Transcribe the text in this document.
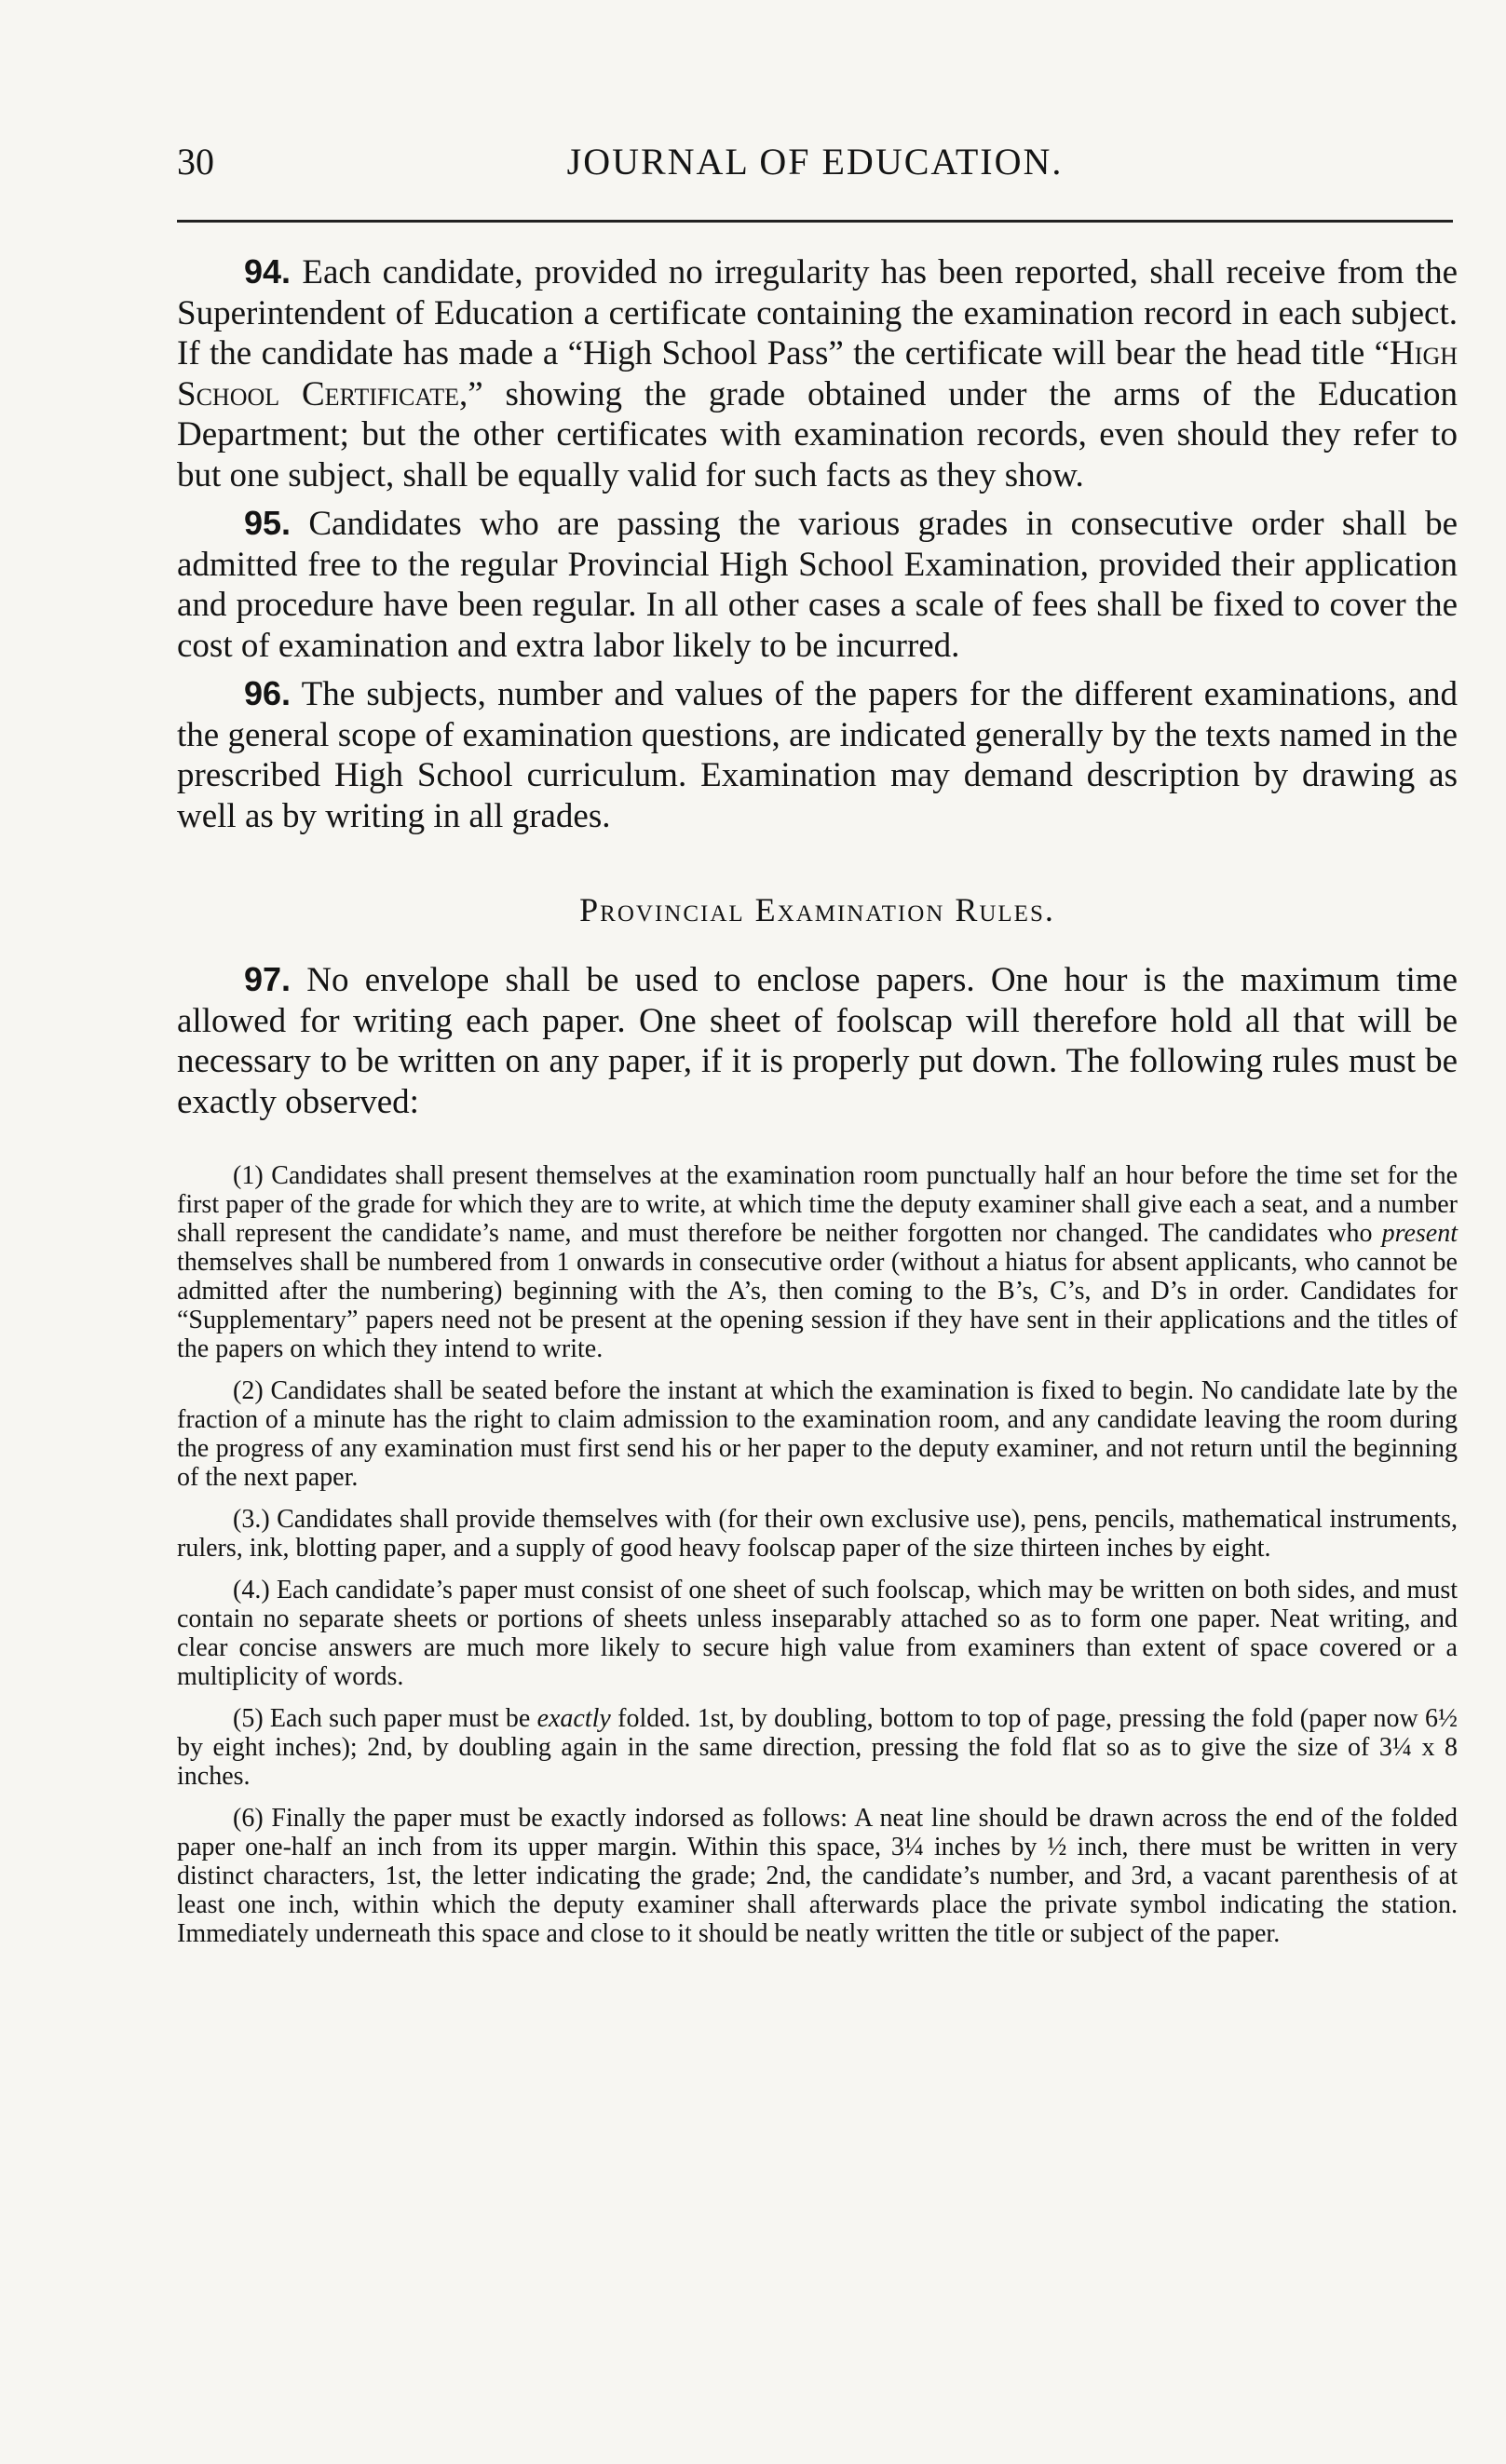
30	JOURNAL OF EDUCATION.

94. Each candidate, provided no irregularity has been reported, shall receive from the Superintendent of Education a certificate containing the examination record in each subject. If the candidate has made a “High School Pass” the certificate will bear the head title “High School Certificate,” showing the grade obtained under the arms of the Education Department; but the other certificates with examination records, even should they refer to but one subject, shall be equally valid for such facts as they show.

95. Candidates who are passing the various grades in consecutive order shall be admitted free to the regular Provincial High School Examination, provided their application and procedure have been regular. In all other cases a scale of fees shall be fixed to cover the cost of examination and extra labor likely to be incurred.

96. The subjects, number and values of the papers for the different examinations, and the general scope of examination questions, are indicated generally by the texts named in the prescribed High School curriculum. Examination may demand description by drawing as well as by writing in all grades.

Provincial Examination Rules.

97. No envelope shall be used to enclose papers. One hour is the maximum time allowed for writing each paper. One sheet of foolscap will therefore hold all that will be necessary to be written on any paper, if it is properly put down. The following rules must be exactly observed:

(1) Candidates shall present themselves at the examination room punctually half an hour before the time set for the first paper of the grade for which they are to write, at which time the deputy examiner shall give each a seat, and a number shall represent the candidate’s name, and must therefore be neither forgotten nor changed. The candidates who present themselves shall be numbered from 1 onwards in consecutive order (without a hiatus for absent applicants, who cannot be admitted after the numbering) beginning with the A’s, then coming to the B’s, C’s, and D’s in order. Candidates for “Supplementary” papers need not be present at the opening session if they have sent in their applications and the titles of the papers on which they intend to write.

(2) Candidates shall be seated before the instant at which the examination is fixed to begin. No candidate late by the fraction of a minute has the right to claim admission to the examination room, and any candidate leaving the room during the progress of any examination must first send his or her paper to the deputy examiner, and not return until the beginning of the next paper.

(3.) Candidates shall provide themselves with (for their own exclusive use), pens, pencils, mathematical instruments, rulers, ink, blotting paper, and a supply of good heavy foolscap paper of the size thirteen inches by eight.

(4.) Each candidate’s paper must consist of one sheet of such foolscap, which may be written on both sides, and must contain no separate sheets or portions of sheets unless inseparably attached so as to form one paper. Neat writing, and clear concise answers are much more likely to secure high value from examiners than extent of space covered or a multiplicity of words.

(5) Each such paper must be exactly folded. 1st, by doubling, bottom to top of page, pressing the fold (paper now 6½ by eight inches); 2nd, by doubling again in the same direction, pressing the fold flat so as to give the size of 3¼ x 8 inches.

(6) Finally the paper must be exactly indorsed as follows: A neat line should be drawn across the end of the folded paper one-half an inch from its upper margin. Within this space, 3¼ inches by ½ inch, there must be written in very distinct characters, 1st, the letter indicating the grade; 2nd, the candidate’s number, and 3rd, a vacant parenthesis of at least one inch, within which the deputy examiner shall afterwards place the private symbol indicating the station. Immediately underneath this space and close to it should be neatly written the title or subject of the paper.
